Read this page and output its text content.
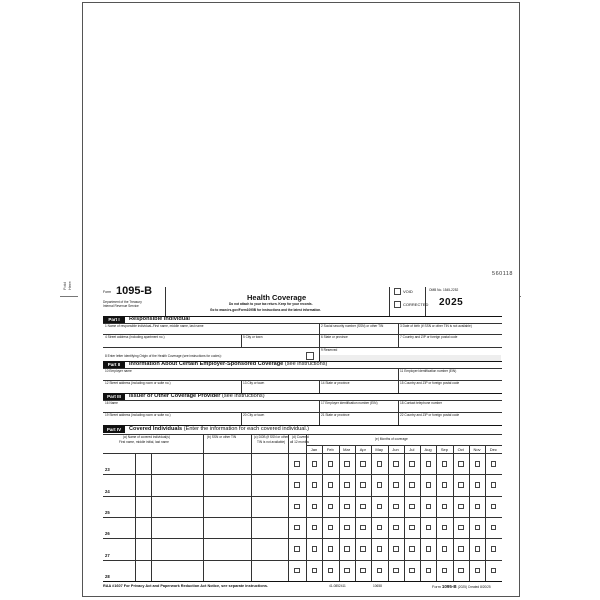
Fold Here
560118
Form 1095-B
Department of the Treasury
Internal Revenue Service
Health Coverage
Do not attach to your tax return. Keep for your records.
Go to www.irs.gov/Form1095B for instructions and the latest information.
VOID
CORRECTED
OMB No. 1545-2252
2025
Part I	Responsible Individual
1 Name of responsible individual–First name, middle name, last name	2 Social security number (SSN) or other TIN	3 Date of birth (if SSN or other TIN is not available)
4 Street address (including apartment no.)	5 City or town	6 State or province	7 Country and ZIP or foreign postal code
8 Enter letter identifying Origin of the Health Coverage (see instructions for codes):
9 Reserved
Part II	Information About Certain Employer-Sponsored Coverage (see instructions)
10 Employer name	11 Employer identification number (EIN)
12 Street address (including room or suite no.)	13 City or town	14 State or province	15 Country and ZIP or foreign postal code
Part III	Issuer or Other Coverage Provider (see instructions)
16 Name	17 Employer identification number (EIN)	18 Contact telephone number
19 Street address (including room or suite no.)	20 City or town	21 State or province	22 Country and ZIP or foreign postal code
Part IV	Covered Individuals (Enter the information for each covered individual.)
(a) Name of covered individual(s)
First name, middle initial, last name
(b) SSN or other TIN	(c) DOB (if SSN or other
TIN is not available)
(d) Covered
all 12 months
(e) Months of coverage
Jan	Feb	Mar	Apr	May	Jun	Jul	Aug	Sep	Oct	Nov	Dec
23
24
25
26
27
28
RAA #1607 For Privacy Act and Paperwork Reduction Act Notice, see separate instructions.	41-0852411	10658	Form 1095-B (2025) Created 8/20/25
